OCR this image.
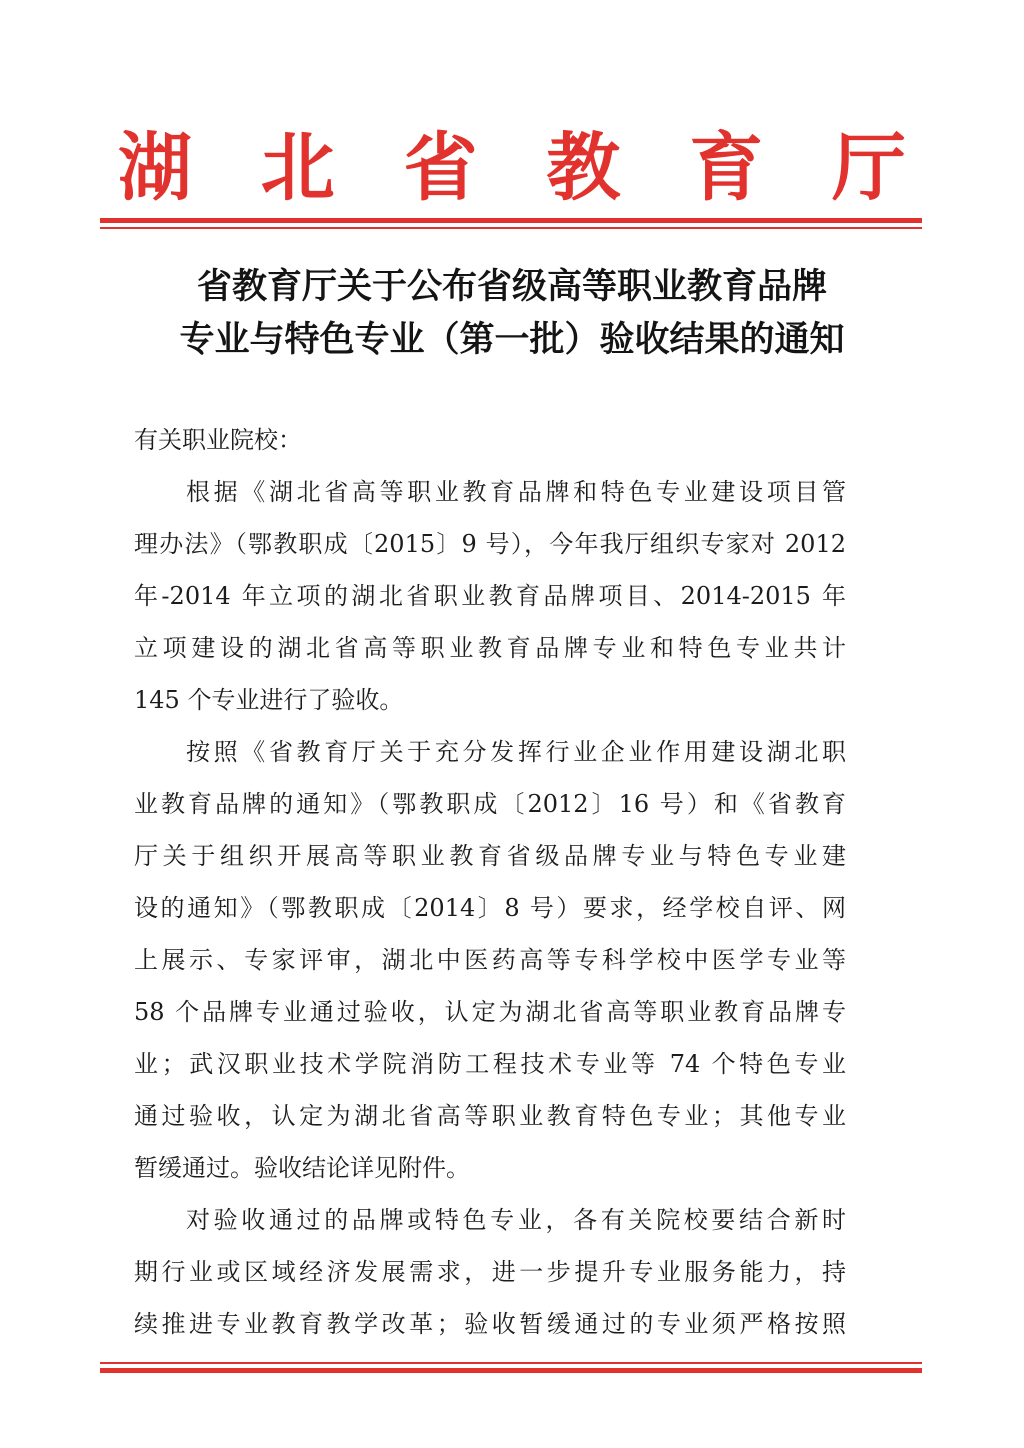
湖 北 省 教 育 厅
省教育厅关于公布省级高等职业教育品牌
专业与特色专业（第一批）验收结果的通知
有关职业院校：
根据《湖北省高等职业教育品牌和特色专业建设项目管
理办法》（鄂教职成〔2015〕9 号），今年我厅组织专家对 2012
年-2014 年立项的湖北省职业教育品牌项目、2014-2015 年
立项建设的湖北省高等职业教育品牌专业和特色专业共计
145 个专业进行了验收。
按照《省教育厅关于充分发挥行业企业作用建设湖北职
业教育品牌的通知》（鄂教职成〔2012〕16 号）和《省教育
厅关于组织开展高等职业教育省级品牌专业与特色专业建
设的通知》（鄂教职成〔2014〕8 号）要求，经学校自评、网
上展示、专家评审，湖北中医药高等专科学校中医学专业等
58 个品牌专业通过验收，认定为湖北省高等职业教育品牌专
业；武汉职业技术学院消防工程技术专业等 74 个特色专业
通过验收，认定为湖北省高等职业教育特色专业；其他专业
暂缓通过。验收结论详见附件。
对验收通过的品牌或特色专业，各有关院校要结合新时
期行业或区域经济发展需求，进一步提升专业服务能力，持
续推进专业教育教学改革；验收暂缓通过的专业须严格按照
